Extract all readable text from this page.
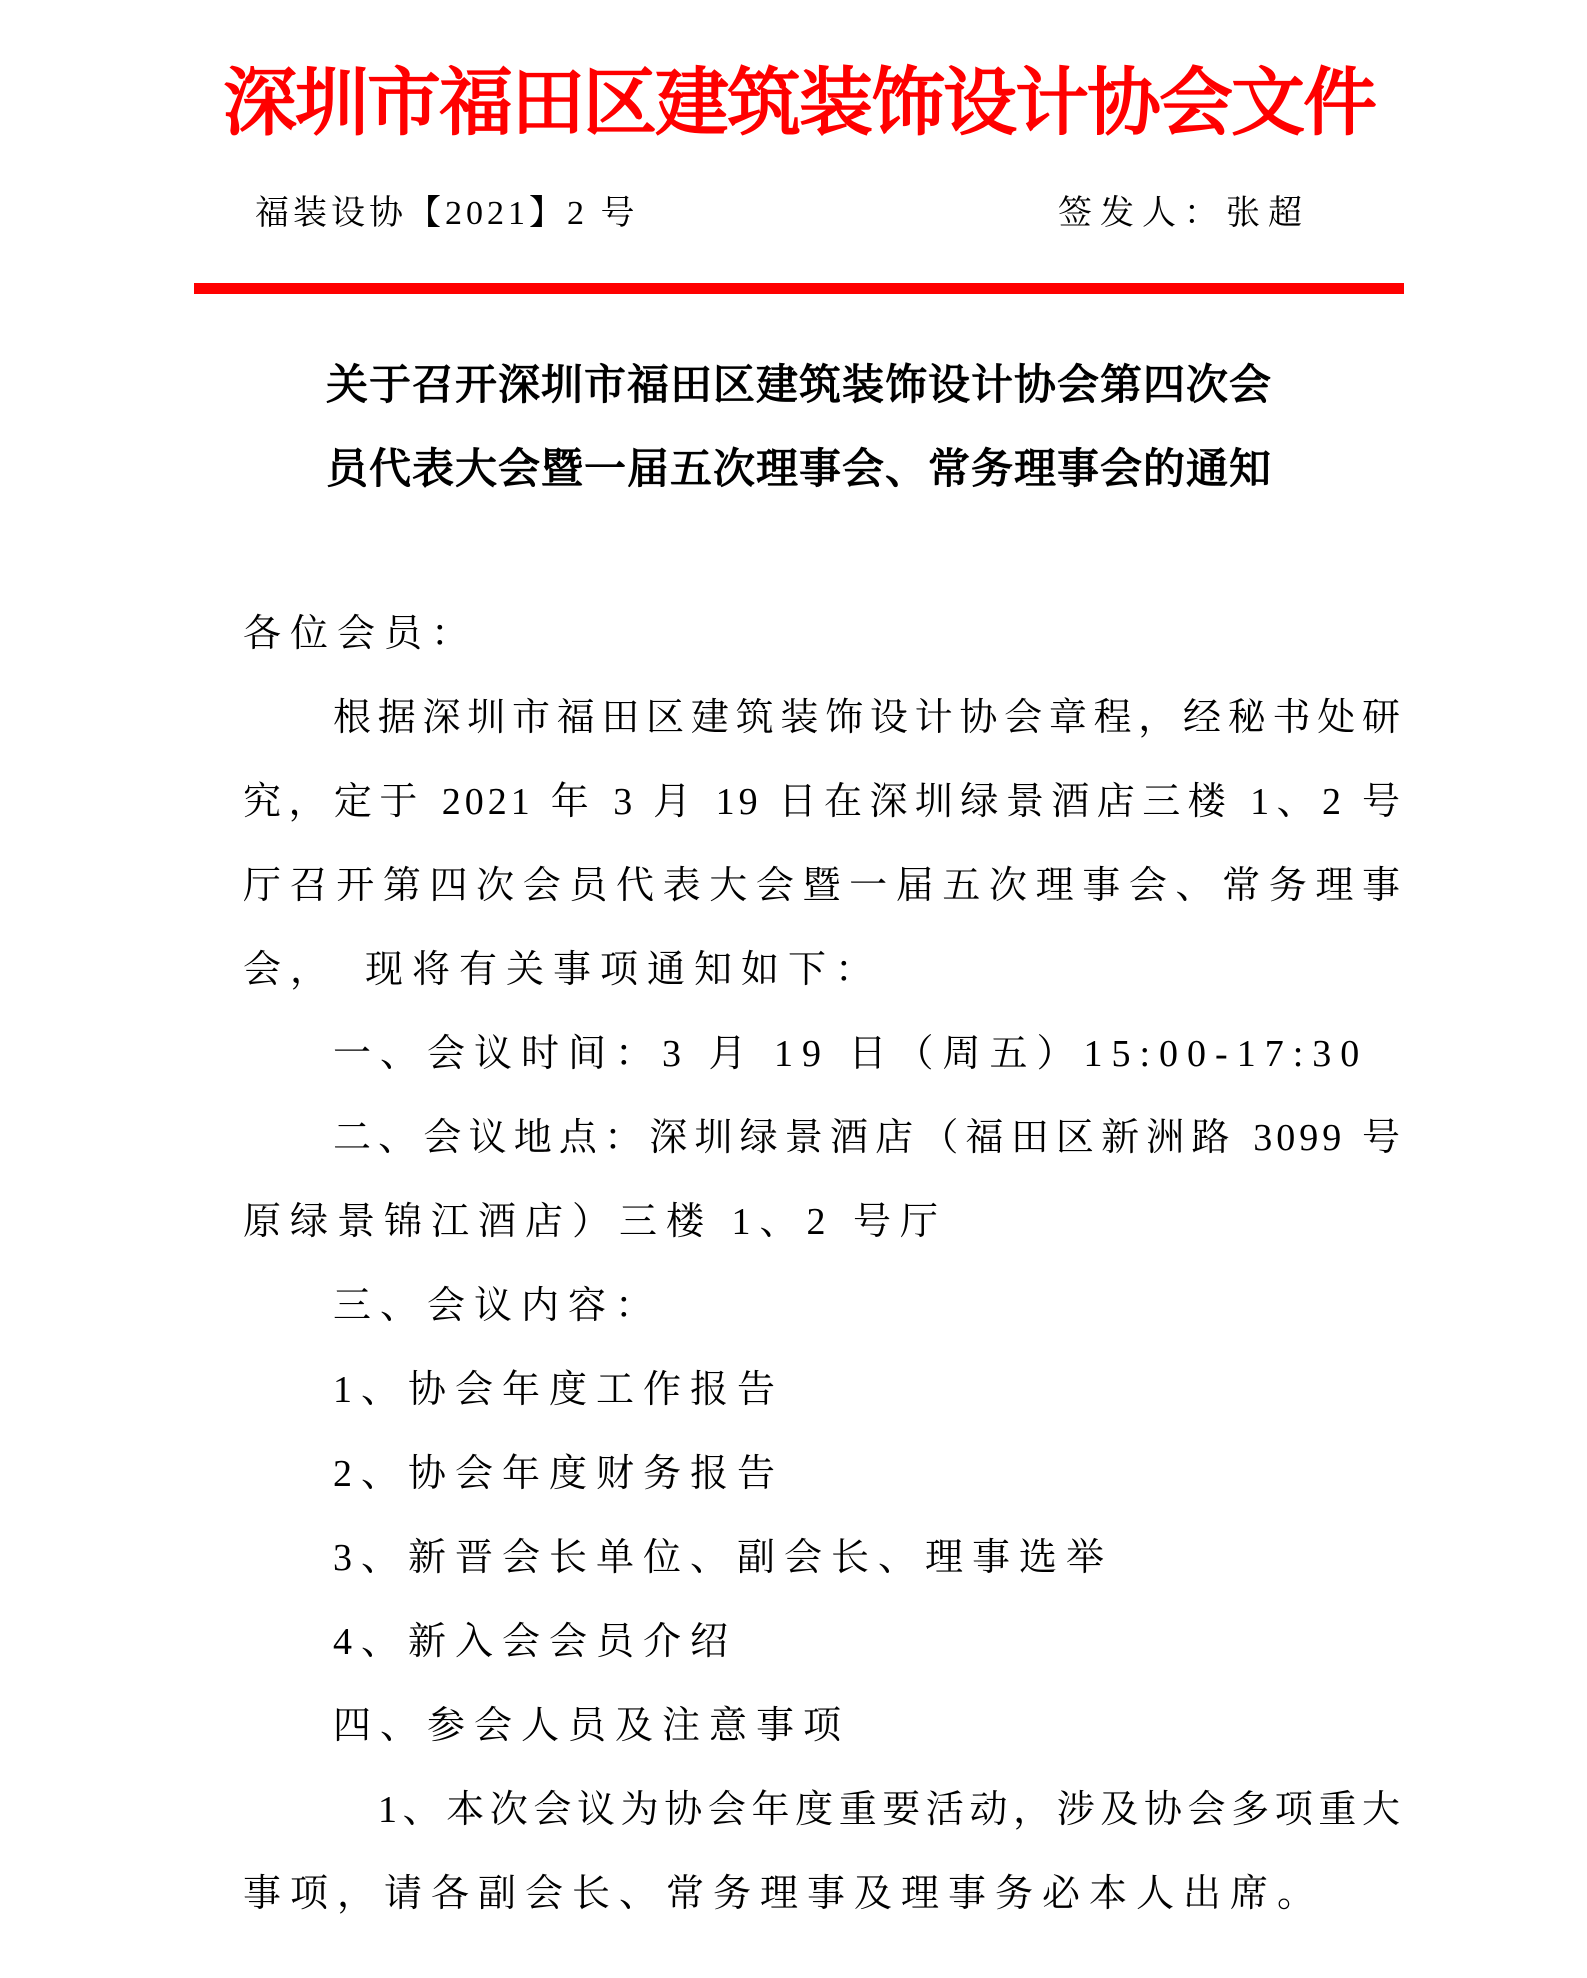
深圳市福田区建筑装饰设计协会文件
福装设协【2021】2 号	签发人：张超
关于召开深圳市福田区建筑装饰设计协会第四次会
员代表大会暨一届五次理事会、常务理事会的通知
各位会员：
根据深圳市福田区建筑装饰设计协会章程，经秘书处研
究，定于 2021 年 3 月 19 日在深圳绿景酒店三楼 1、2 号
厅召开第四次会员代表大会暨一届五次理事会、常务理事
会，　现将有关事项通知如下：
一、会议时间：3 月 19 日（周五）15:00-17:30
二、会议地点：深圳绿景酒店（福田区新洲路 3099 号
原绿景锦江酒店）三楼 1、2 号厅
三、会议内容：
1、协会年度工作报告
2、协会年度财务报告
3、新晋会长单位、副会长、理事选举
4、新入会会员介绍
四、参会人员及注意事项
1、本次会议为协会年度重要活动，涉及协会多项重大
事项，请各副会长、常务理事及理事务必本人出席。
